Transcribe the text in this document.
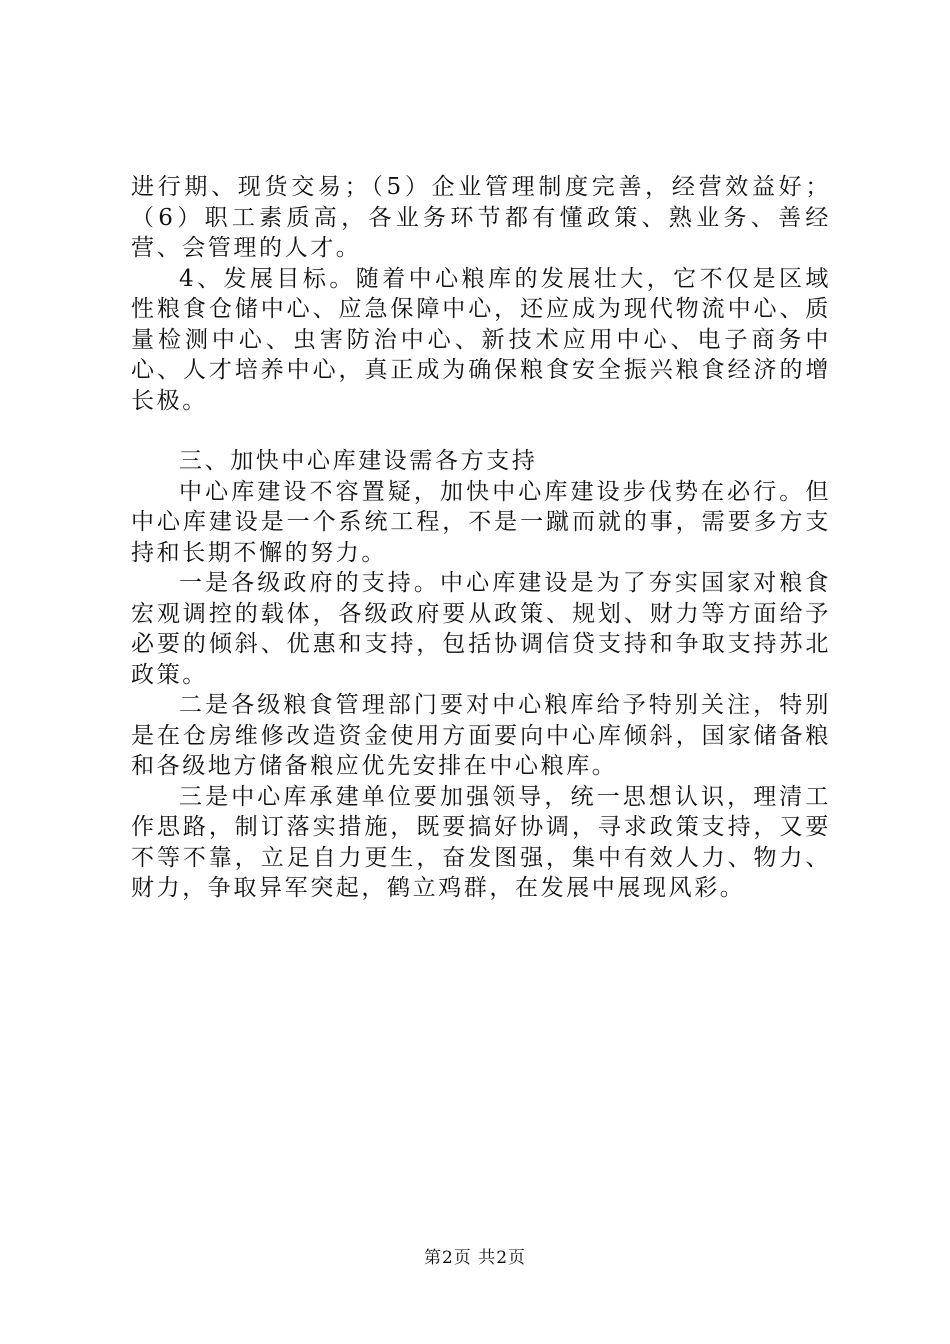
进行期、现货交易；（5）企业管理制度完善，经营效益好；（6）职工素质高，各业务环节都有懂政策、熟业务、善经营、会管理的人才。

4、发展目标。随着中心粮库的发展壮大，它不仅是区域性粮食仓储中心、应急保障中心，还应成为现代物流中心、质量检测中心、虫害防治中心、新技术应用中心、电子商务中心、人才培养中心，真正成为确保粮食安全振兴粮食经济的增长极。

三、加快中心库建设需各方支持

中心库建设不容置疑，加快中心库建设步伐势在必行。但中心库建设是一个系统工程，不是一蹴而就的事，需要多方支持和长期不懈的努力。

一是各级政府的支持。中心库建设是为了夯实国家对粮食宏观调控的载体，各级政府要从政策、规划、财力等方面给予必要的倾斜、优惠和支持，包括协调信贷支持和争取支持苏北政策。

二是各级粮食管理部门要对中心粮库给予特别关注，特别是在仓房维修改造资金使用方面要向中心库倾斜，国家储备粮和各级地方储备粮应优先安排在中心粮库。

三是中心库承建单位要加强领导，统一思想认识，理清工作思路，制订落实措施，既要搞好协调，寻求政策支持，又要不等不靠，立足自力更生，奋发图强，集中有效人力、物力、财力，争取异军突起，鹤立鸡群，在发展中展现风彩。

第2页 共2页
